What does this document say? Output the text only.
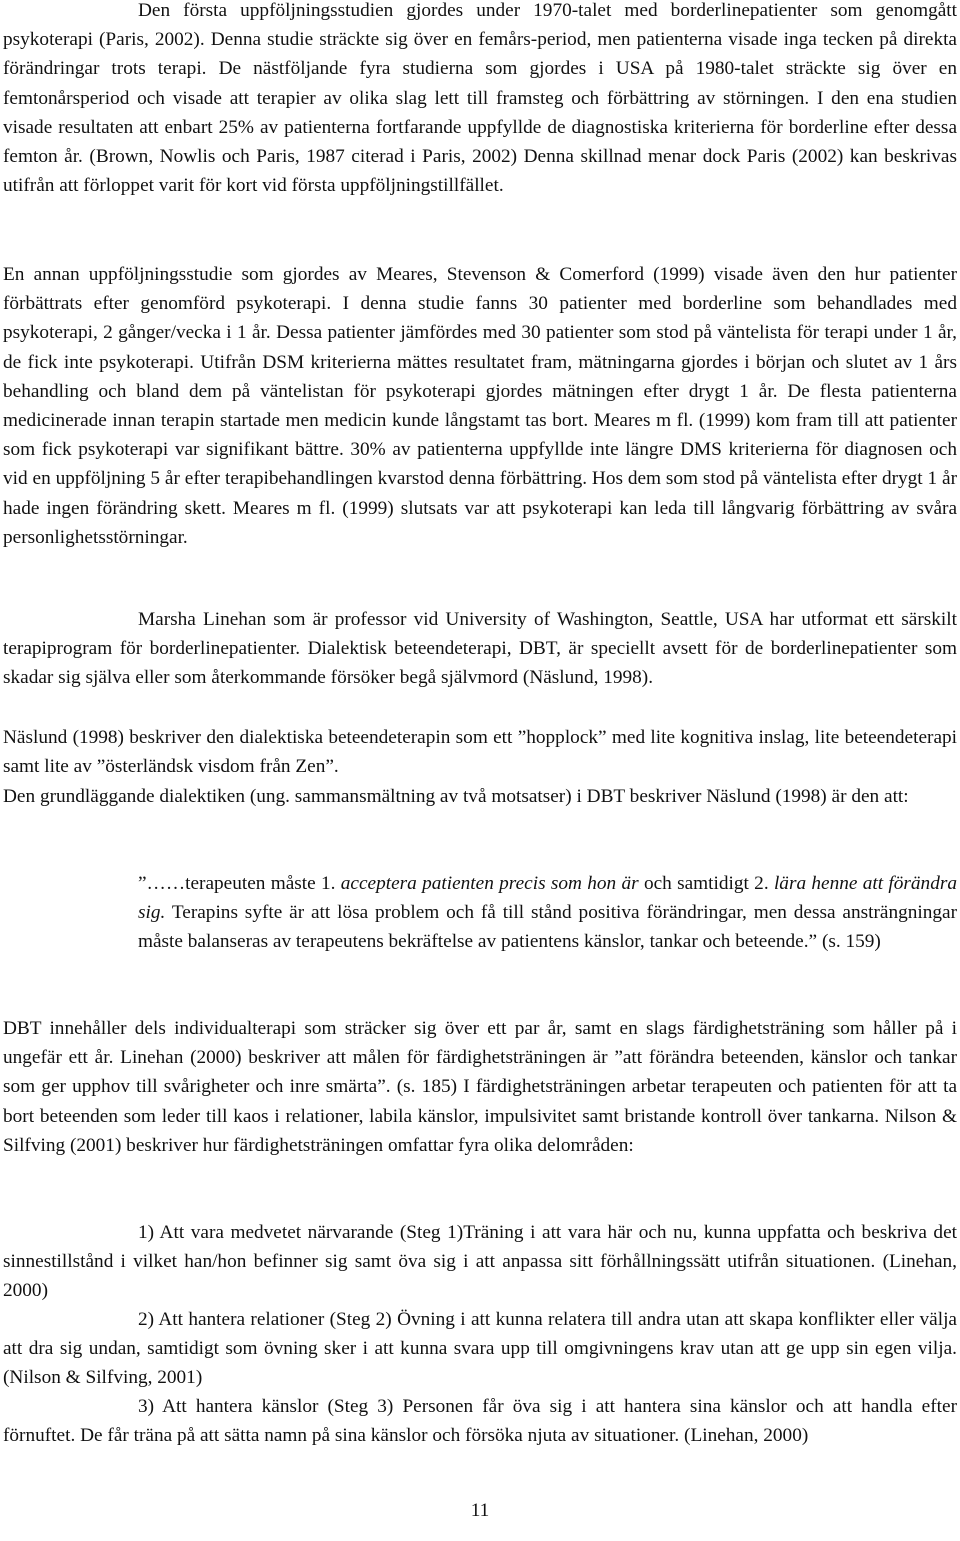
Den första uppföljningsstudien gjordes under 1970-talet med borderlinepatienter som genomgått psykoterapi (Paris, 2002). Denna studie sträckte sig över en femårs-period, men patienterna visade inga tecken på direkta förändringar trots terapi. De nästföljande fyra studierna som gjordes i USA på 1980-talet sträckte sig över en femtonårsperiod och visade att terapier av olika slag lett till framsteg och förbättring av störningen. I den ena studien visade resultaten att enbart 25% av patienterna fortfarande uppfyllde de diagnostiska kriterierna för borderline efter dessa femton år. (Brown, Nowlis och Paris, 1987 citerad i Paris, 2002) Denna skillnad menar dock Paris (2002) kan beskrivas utifrån att förloppet varit för kort vid första uppföljningstillfället.

En annan uppföljningsstudie som gjordes av Meares, Stevenson & Comerford (1999) visade även den hur patienter förbättrats efter genomförd psykoterapi. I denna studie fanns 30 patienter med borderline som behandlades med psykoterapi, 2 gånger/vecka i 1 år. Dessa patienter jämfördes med 30 patienter som stod på väntelista för terapi under 1 år, de fick inte psykoterapi. Utifrån DSM kriterierna mättes resultatet fram, mätningarna gjordes i början och slutet av 1 års behandling och bland dem på väntelistan för psykoterapi gjordes mätningen efter drygt 1 år. De flesta patienterna medicinerade innan terapin startade men medicin kunde långstamt tas bort. Meares m fl. (1999) kom fram till att patienter som fick psykoterapi var signifikant bättre. 30% av patienterna uppfyllde inte längre DMS kriterierna för diagnosen och vid en uppföljning 5 år efter terapibehandlingen kvarstod denna förbättring. Hos dem som stod på väntelista efter drygt 1 år hade ingen förändring skett. Meares m fl. (1999) slutsats var att psykoterapi kan leda till långvarig förbättring av svåra personlighetsstörningar.

Marsha Linehan som är professor vid University of Washington, Seattle, USA har utformat ett särskilt terapiprogram för borderlinepatienter. Dialektisk beteendeterapi, DBT, är speciellt avsett för de borderlinepatienter som skadar sig själva eller som återkommande försöker begå självmord (Näslund, 1998).

Näslund (1998) beskriver den dialektiska beteendeterapin som ett ”hopplock” med lite kognitiva inslag, lite beteendeterapi samt lite av ”österländsk visdom från Zen”.

Den grundläggande dialektiken (ung. sammansmältning av två motsatser) i DBT beskriver Näslund (1998) är den att:

”……terapeuten måste 1. acceptera patienten precis som hon är och samtidigt 2. lära henne att förändra sig. Terapins syfte är att lösa problem och få till stånd positiva förändringar, men dessa ansträngningar måste balanseras av terapeutens bekräftelse av patientens känslor, tankar och beteende.” (s. 159)

DBT innehåller dels individualterapi som sträcker sig över ett par år, samt en slags färdighetsträning som håller på i ungefär ett år. Linehan (2000) beskriver att målen för färdighetsträningen är ”att förändra beteenden, känslor och tankar som ger upphov till svårigheter och inre smärta”. (s. 185) I färdighetsträningen arbetar terapeuten och patienten för att ta bort beteenden som leder till kaos i relationer, labila känslor, impulsivitet samt bristande kontroll över tankarna. Nilson & Silfving (2001) beskriver hur färdighetsträningen omfattar fyra olika delområden:

1) Att vara medvetet närvarande (Steg 1)Träning i att vara här och nu, kunna uppfatta och beskriva det sinnestillstånd i vilket han/hon befinner sig samt öva sig i att anpassa sitt förhållningssätt utifrån situationen. (Linehan, 2000)

2) Att hantera relationer (Steg 2) Övning i att kunna relatera till andra utan att skapa konflikter eller välja att dra sig undan, samtidigt som övning sker i att kunna svara upp till omgivningens krav utan att ge upp sin egen vilja. (Nilson & Silfving, 2001)

3) Att hantera känslor (Steg 3) Personen får öva sig i att hantera sina känslor och att handla efter förnuftet. De får träna på att sätta namn på sina känslor och försöka njuta av situationer. (Linehan, 2000)

11
